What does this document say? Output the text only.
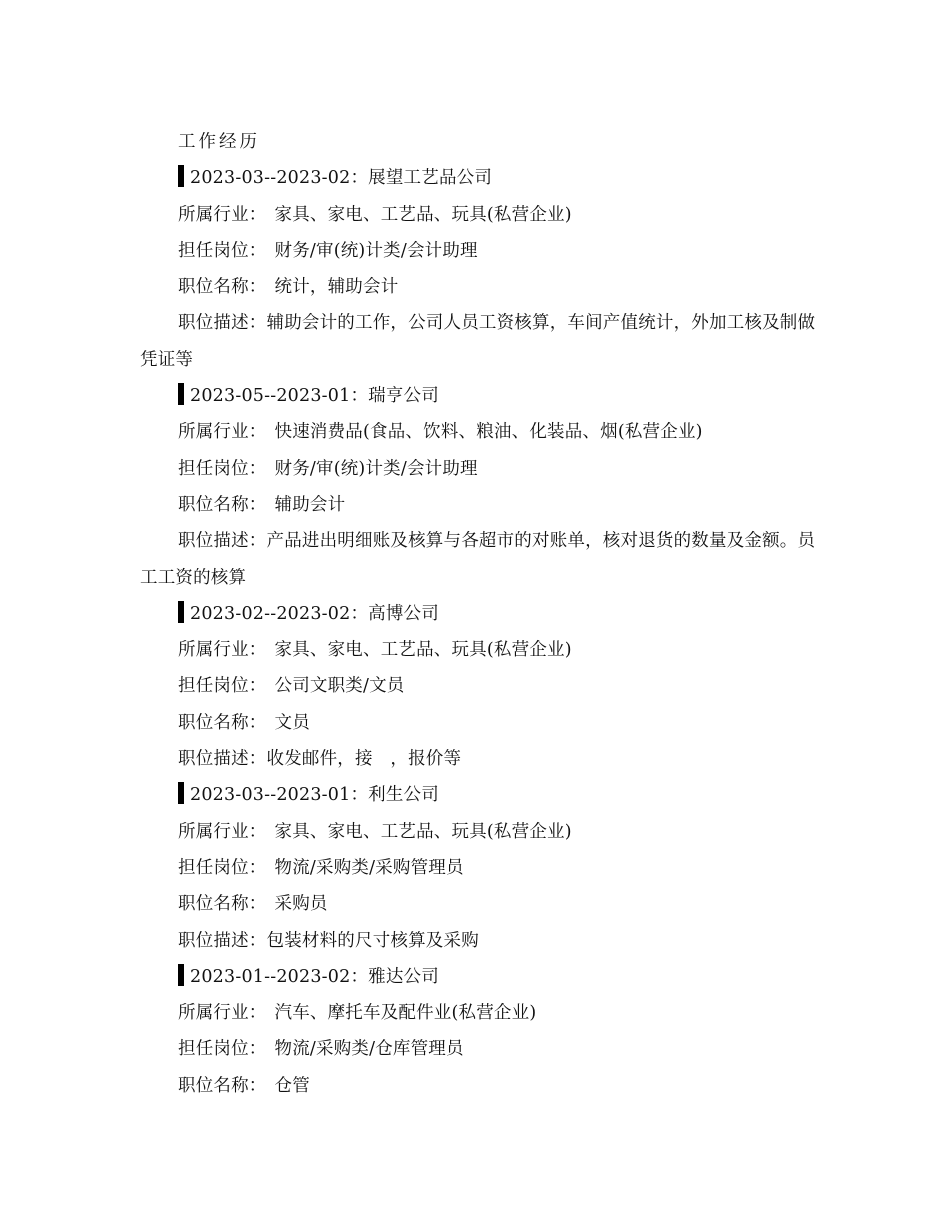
工作经历
2023-03--2023-02：展望工艺品公司
所属行业： 家具、家电、工艺品、玩具(私营企业)
担任岗位： 财务/审(统)计类/会计助理
职位名称： 统计，辅助会计
职位描述：辅助会计的工作，公司人员工资核算，车间产值统计，外加工核及制做凭证等
2023-05--2023-01：瑞亨公司
所属行业： 快速消费品(食品、饮料、粮油、化装品、烟(私营企业)
担任岗位： 财务/审(统)计类/会计助理
职位名称： 辅助会计
职位描述：产品进出明细账及核算与各超市的对账单，核对退货的数量及金额。员工工资的核算
2023-02--2023-02：高博公司
所属行业： 家具、家电、工艺品、玩具(私营企业)
担任岗位： 公司文职类/文员
职位名称： 文员
职位描述：收发邮件，接　，报价等
2023-03--2023-01：利生公司
所属行业： 家具、家电、工艺品、玩具(私营企业)
担任岗位： 物流/采购类/采购管理员
职位名称： 采购员
职位描述：包装材料的尺寸核算及采购
2023-01--2023-02：雅达公司
所属行业： 汽车、摩托车及配件业(私营企业)
担任岗位： 物流/采购类/仓库管理员
职位名称： 仓管
